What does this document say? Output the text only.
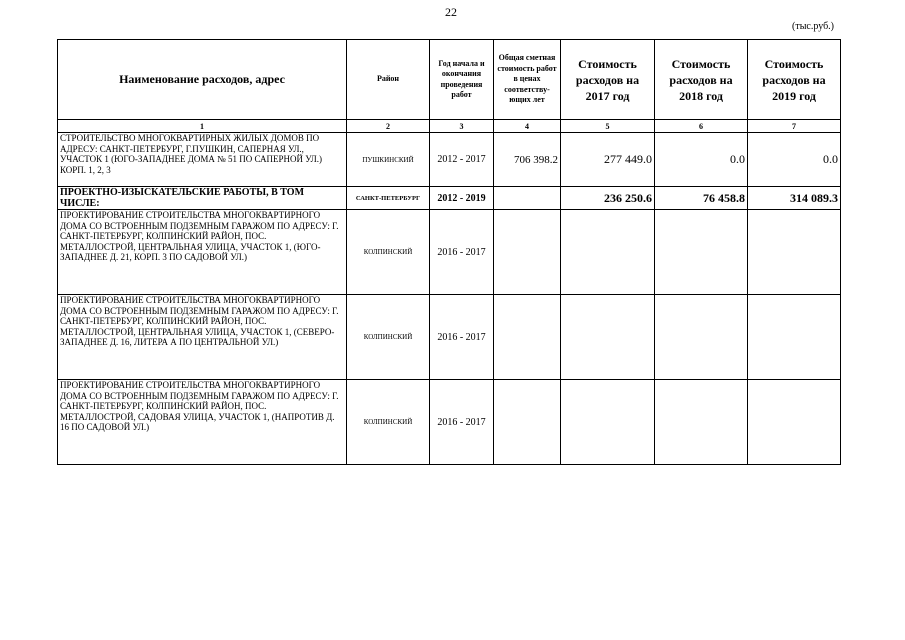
22
(тыс.руб.)
Наименование расходов, адрес	Район	Год начала и окончания проведения работ	Общая сметная стоимость работ в ценах соответству-ющих лет	Стоимость расходов на 2017 год	Стоимость расходов на 2018 год	Стоимость расходов на 2019 год
1	2	3	4	5	6	7
СТРОИТЕЛЬСТВО МНОГОКВАРТИРНЫХ ЖИЛЫХ ДОМОВ ПО АДРЕСУ: САНКТ-ПЕТЕРБУРГ, Г.ПУШКИН, САПЕРНАЯ УЛ., УЧАСТОК 1 (ЮГО-ЗАПАДНЕЕ ДОМА № 51 ПО САПЕРНОЙ УЛ.) КОРП. 1, 2, 3	ПУШКИНСКИЙ	2012 - 2017	706 398.2	277 449.0	0.0	0.0
ПРОЕКТНО-ИЗЫСКАТЕЛЬСКИЕ РАБОТЫ, В ТОМ ЧИСЛЕ:	САНКТ-ПЕТЕРБУРГ	2012 - 2019		236 250.6	76 458.8	314 089.3
ПРОЕКТИРОВАНИЕ СТРОИТЕЛЬСТВА МНОГОКВАРТИРНОГО ДОМА СО ВСТРОЕННЫМ ПОДЗЕМНЫМ ГАРАЖОМ ПО АДРЕСУ: Г. САНКТ-ПЕТЕРБУРГ, КОЛПИНСКИЙ РАЙОН, ПОС. МЕТАЛЛОСТРОЙ, ЦЕНТРАЛЬНАЯ УЛИЦА, УЧАСТОК 1, (ЮГО-ЗАПАДНЕЕ Д. 21, КОРП. 3 ПО САДОВОЙ УЛ.)	КОЛПИНСКИЙ	2016 - 2017				
ПРОЕКТИРОВАНИЕ СТРОИТЕЛЬСТВА МНОГОКВАРТИРНОГО ДОМА СО ВСТРОЕННЫМ ПОДЗЕМНЫМ ГАРАЖОМ ПО АДРЕСУ: Г. САНКТ-ПЕТЕРБУРГ, КОЛПИНСКИЙ РАЙОН, ПОС. МЕТАЛЛОСТРОЙ, ЦЕНТРАЛЬНАЯ УЛИЦА, УЧАСТОК 1, (СЕВЕРО-ЗАПАДНЕЕ Д. 16, ЛИТЕРА А ПО ЦЕНТРАЛЬНОЙ УЛ.)	КОЛПИНСКИЙ	2016 - 2017				
ПРОЕКТИРОВАНИЕ СТРОИТЕЛЬСТВА МНОГОКВАРТИРНОГО ДОМА СО ВСТРОЕННЫМ ПОДЗЕМНЫМ ГАРАЖОМ ПО АДРЕСУ: Г. САНКТ-ПЕТЕРБУРГ, КОЛПИНСКИЙ РАЙОН, ПОС. МЕТАЛЛОСТРОЙ, САДОВАЯ УЛИЦА, УЧАСТОК 1, (НАПРОТИВ Д. 16 ПО САДОВОЙ УЛ.)	КОЛПИНСКИЙ	2016 - 2017				
